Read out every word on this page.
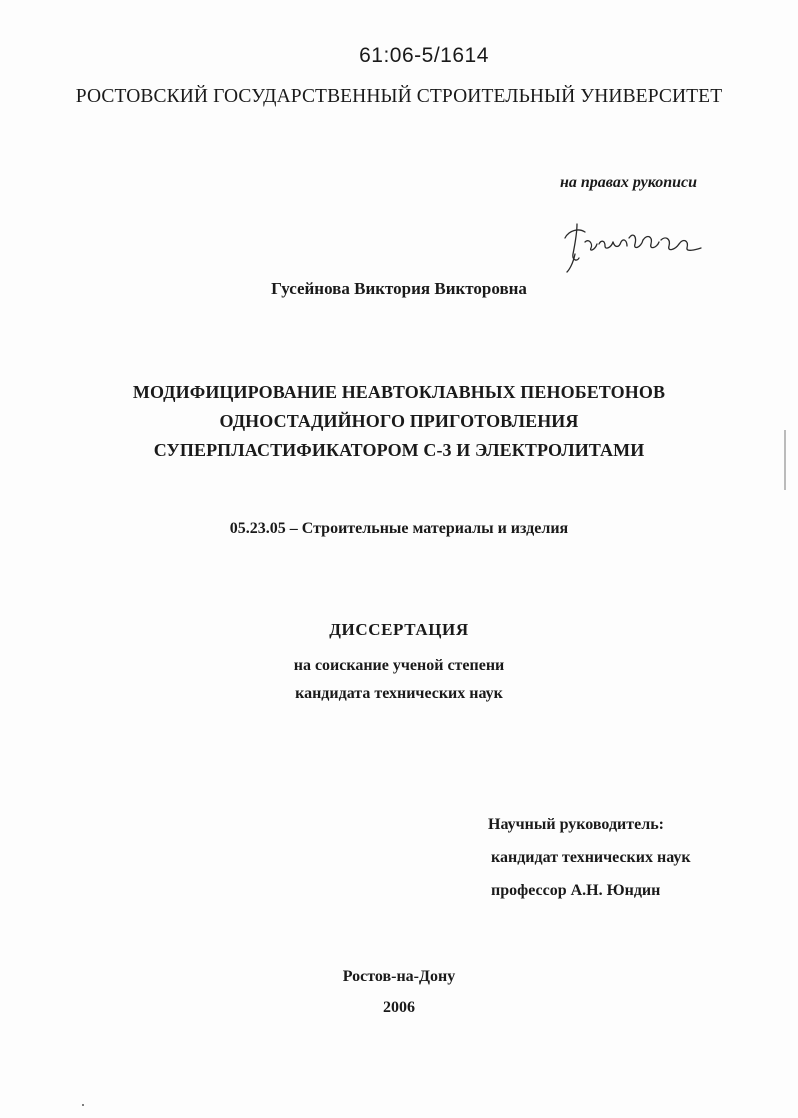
61:06-5/1614
РОСТОВСКИЙ ГОСУДАРСТВЕННЫЙ СТРОИТЕЛЬНЫЙ УНИВЕРСИТЕТ
на правах рукописи
Гусейнова Виктория Викторовна
МОДИФИЦИРОВАНИЕ НЕАВТОКЛАВНЫХ ПЕНОБЕТОНОВ
ОДНОСТАДИЙНОГО ПРИГОТОВЛЕНИЯ
СУПЕРПЛАСТИФИКАТОРОМ С-3 И ЭЛЕКТРОЛИТАМИ
05.23.05 – Строительные материалы и изделия
ДИССЕРТАЦИЯ
на соискание ученой степени
кандидата технических наук
Научный руководитель:
кандидат технических наук
профессор А.Н. Юндин
Ростов-на-Дону
2006
